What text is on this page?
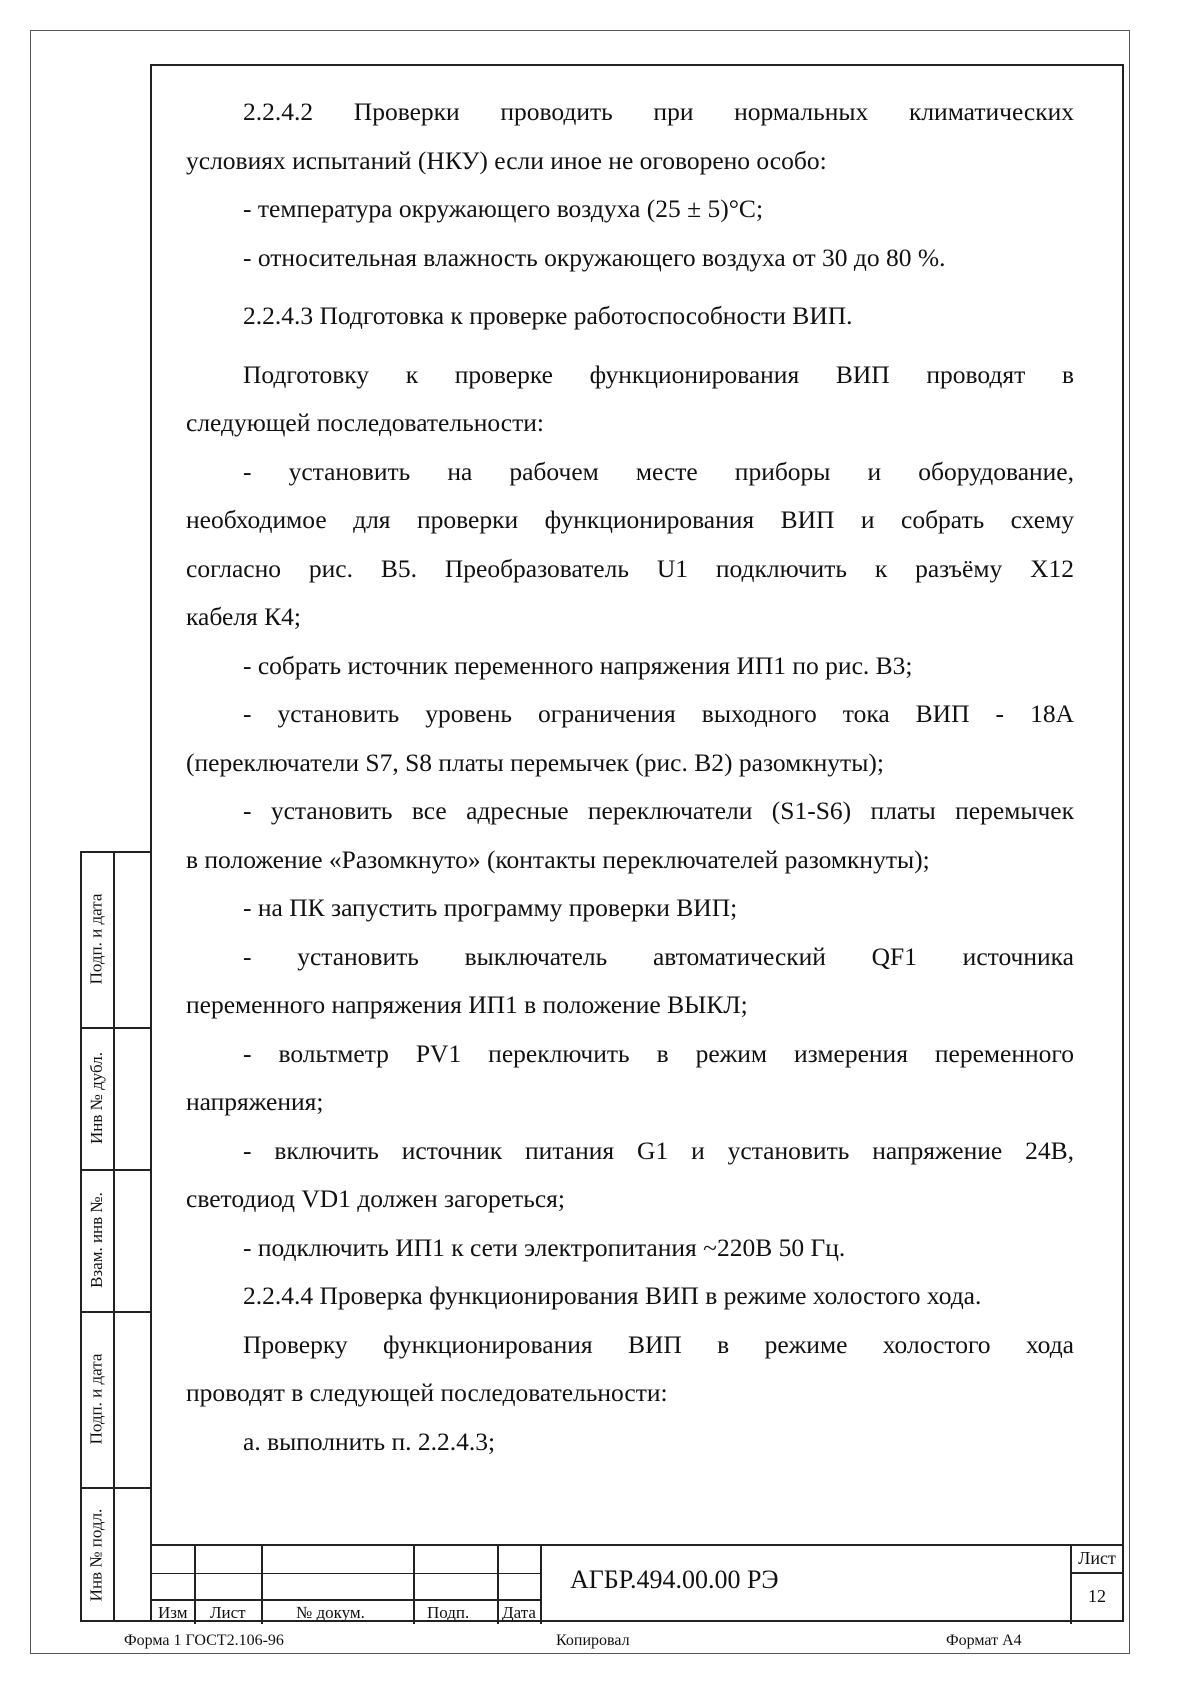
Подп. и дата
Инв № дубл.
Взам. инв №.
Подп. и дата
Инв № подл.

2.2.4.2 Проверки проводить при нормальных климатических

условиях испытаний (НКУ) если иное не оговорено особо:

- температура окружающего воздуха (25 ± 5)°С;

- относительная влажность окружающего воздуха от 30 до 80 %.

2.2.4.3 Подготовка к проверке работоспособности ВИП.

Подготовку к проверке функционирования ВИП проводят в

следующей последовательности:

- установить на рабочем месте приборы и оборудование,

необходимое для проверки функционирования ВИП и собрать схему

согласно рис. В5. Преобразователь U1 подключить к разъёму Х12

кабеля К4;

- собрать источник переменного напряжения ИП1 по рис. В3;

- установить уровень ограничения выходного тока ВИП - 18А

(переключатели S7, S8 платы перемычек (рис. В2) разомкнуты);

- установить все адресные переключатели (S1-S6) платы перемычек

в положение «Разомкнуто» (контакты переключателей разомкнуты);

- на ПК запустить программу проверки ВИП;

- установить выключатель автоматический QF1 источника

переменного напряжения ИП1 в положение ВЫКЛ;

- вольтметр PV1 переключить в режим измерения переменного

напряжения;

- включить источник питания G1 и установить напряжение 24В,

светодиод VD1 должен загореться;

- подключить ИП1 к сети электропитания ~220В 50 Гц.

2.2.4.4 Проверка функционирования ВИП в режиме холостого хода.

Проверку функционирования ВИП в режиме холостого хода

проводят в следующей последовательности:

а. выполнить п. 2.2.4.3;

Изм Лист	№ докум.	Подп. Дата
АГБР.494.00.00 РЭ
Лист
12
Форма 1 ГОСТ2.106-96	Копировал	Формат А4
